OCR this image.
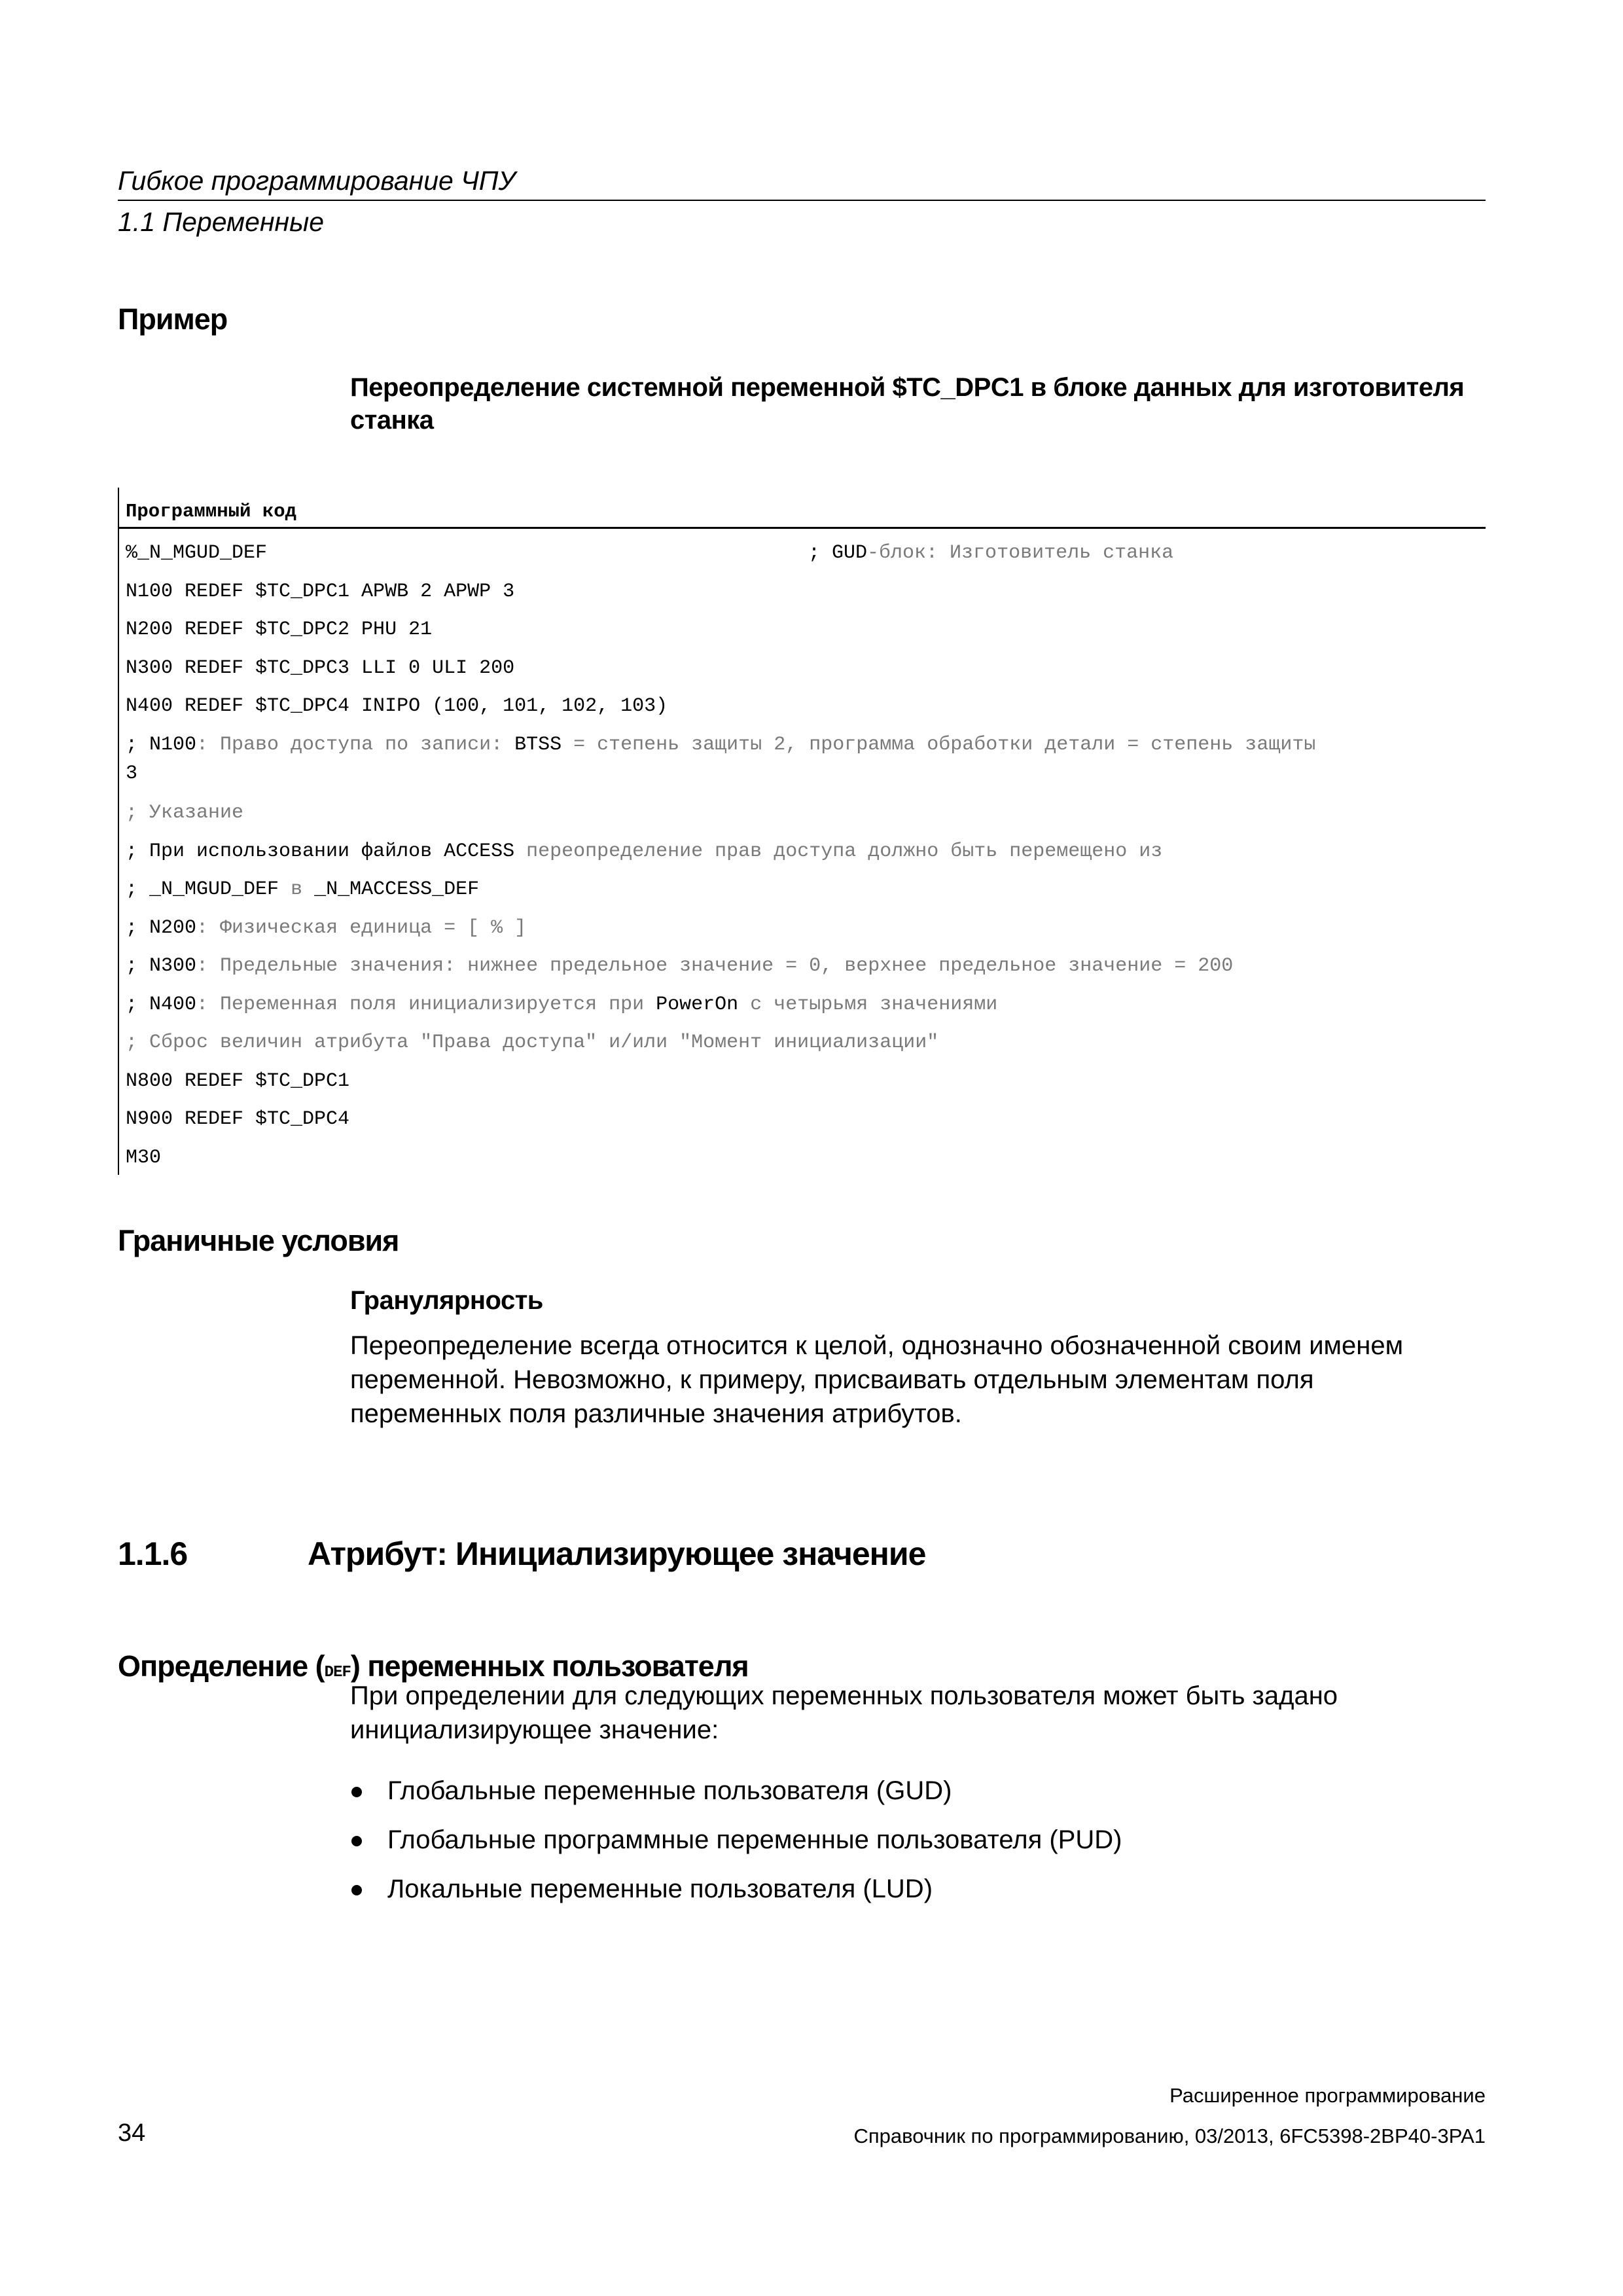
Гибкое программирование ЧПУ
1.1 Переменные
Пример
Переопределение системной переменной $TC_DPC1 в блоке данных для изготовителя
станка
Программный код
%_N_MGUD_DEF	; GUD-блок: Изготовитель станка
N100 REDEF $TC_DPC1 APWB 2 APWP 3
N200 REDEF $TC_DPC2 PHU 21
N300 REDEF $TC_DPC3 LLI 0 ULI 200
N400 REDEF $TC_DPC4 INIPO (100, 101, 102, 103)
; N100: Право доступа по записи: BTSS = степень защиты 2, программа обработки детали = степень защиты
3
; Указание
; При использовании файлов ACCESS переопределение прав доступа должно быть перемещено из
; _N_MGUD_DEF в _N_MACCESS_DEF
; N200: Физическая единица = [ % ]
; N300: Предельные значения: нижнее предельное значение = 0, верхнее предельное значение = 200
; N400: Переменная поля инициализируется при PowerOn с четырьмя значениями
; Сброс величин атрибута "Права доступа" и/или "Момент инициализации"
N800 REDEF $TC_DPC1
N900 REDEF $TC_DPC4
M30
Граничные условия
Гранулярность
Переопределение всегда относится к целой, однозначно обозначенной своим именем
переменной. Невозможно, к примеру, присваивать отдельным элементам поля
переменных поля различные значения атрибутов.
1.1.6	Атрибут: Инициализирующее значение
Определение (DEF) переменных пользователя
При определении для следующих переменных пользователя может быть задано
инициализирующее значение:
Глобальные переменные пользователя (GUD)
Глобальные программные переменные пользователя (PUD)
Локальные переменные пользователя (LUD)
Расширенное программирование
34	Справочник по программированию, 03/2013, 6FC5398-2BP40-3PA1
